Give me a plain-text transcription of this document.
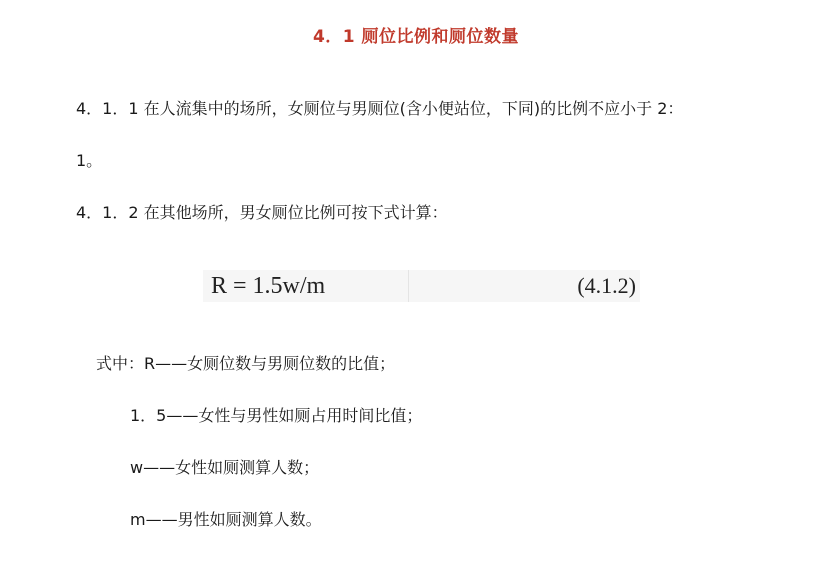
4．1 厕位比例和厕位数量
4．1．1 在人流集中的场所，女厕位与男厕位(含小便站位，下同)的比例不应小于 2：
1。
4．1．2 在其他场所，男女厕位比例可按下式计算：
R = 1.5w/m	(4.1.2)
式中：R——女厕位数与男厕位数的比值；
1．5——女性与男性如厕占用时间比值；
w——女性如厕测算人数；
m——男性如厕测算人数。
